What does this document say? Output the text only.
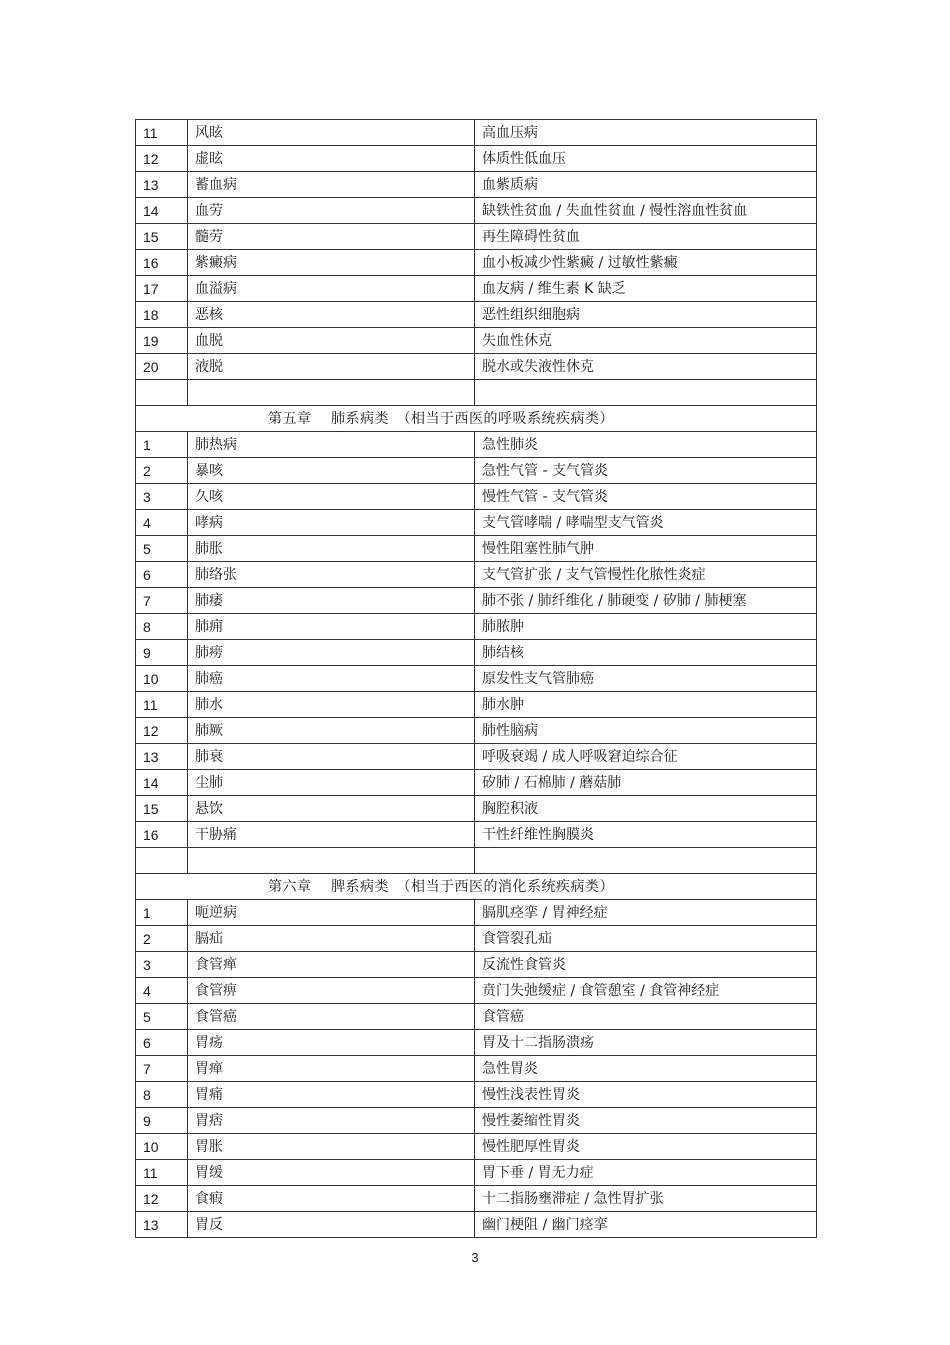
11	风眩	高血压病
12	虚眩	体质性低血压
13	蓄血病	血紫质病
14	血劳	缺铁性贫血 / 失血性贫血 / 慢性溶血性贫血
15	髓劳	再生障碍性贫血
16	紫癜病	血小板减少性紫癜 / 过敏性紫癜
17	血溢病	血友病 / 维生素 K 缺乏
18	恶核	恶性组织细胞病
19	血脱	失血性休克
20	液脱	脱水或失液性休克

第五章　 肺系病类　（相当于西医的呼吸系统疾病类）		
1	肺热病	急性肺炎
2	暴咳	急性气管 - 支气管炎
3	久咳	慢性气管 - 支气管炎
4	哮病	支气管哮喘 / 哮喘型支气管炎
5	肺胀	慢性阻塞性肺气肿
6	肺络张	支气管扩张 / 支气管慢性化脓性炎症
7	肺痿	肺不张 / 肺纤维化 / 肺硬变 / 矽肺 / 肺梗塞
8	肺痈	肺脓肿
9	肺痨	肺结核
10	肺癌	原发性支气管肺癌
11	肺水	肺水肿
12	肺厥	肺性脑病
13	肺衰	呼吸衰竭 / 成人呼吸窘迫综合征
14	尘肺	矽肺 / 石棉肺 / 蘑菇肺
15	悬饮	胸腔积液
16	干胁痛	干性纤维性胸膜炎

第六章　 脾系病类　（相当于西医的消化系统疾病类）		
1	呃逆病	膈肌痉挛 / 胃神经症
2	膈疝	食管裂孔疝
3	食管瘅	反流性食管炎
4	食管痹	贲门失弛缓症 / 食管憩室 / 食管神经症
5	食管癌	食管癌
6	胃疡	胃及十二指肠溃疡
7	胃瘅	急性胃炎
8	胃痛	慢性浅表性胃炎
9	胃痞	慢性萎缩性胃炎
10	胃胀	慢性肥厚性胃炎
11	胃缓	胃下垂 / 胃无力症
12	食瘕	十二指肠壅滞症 / 急性胃扩张
13	胃反	幽门梗阻 / 幽门痉挛
3
